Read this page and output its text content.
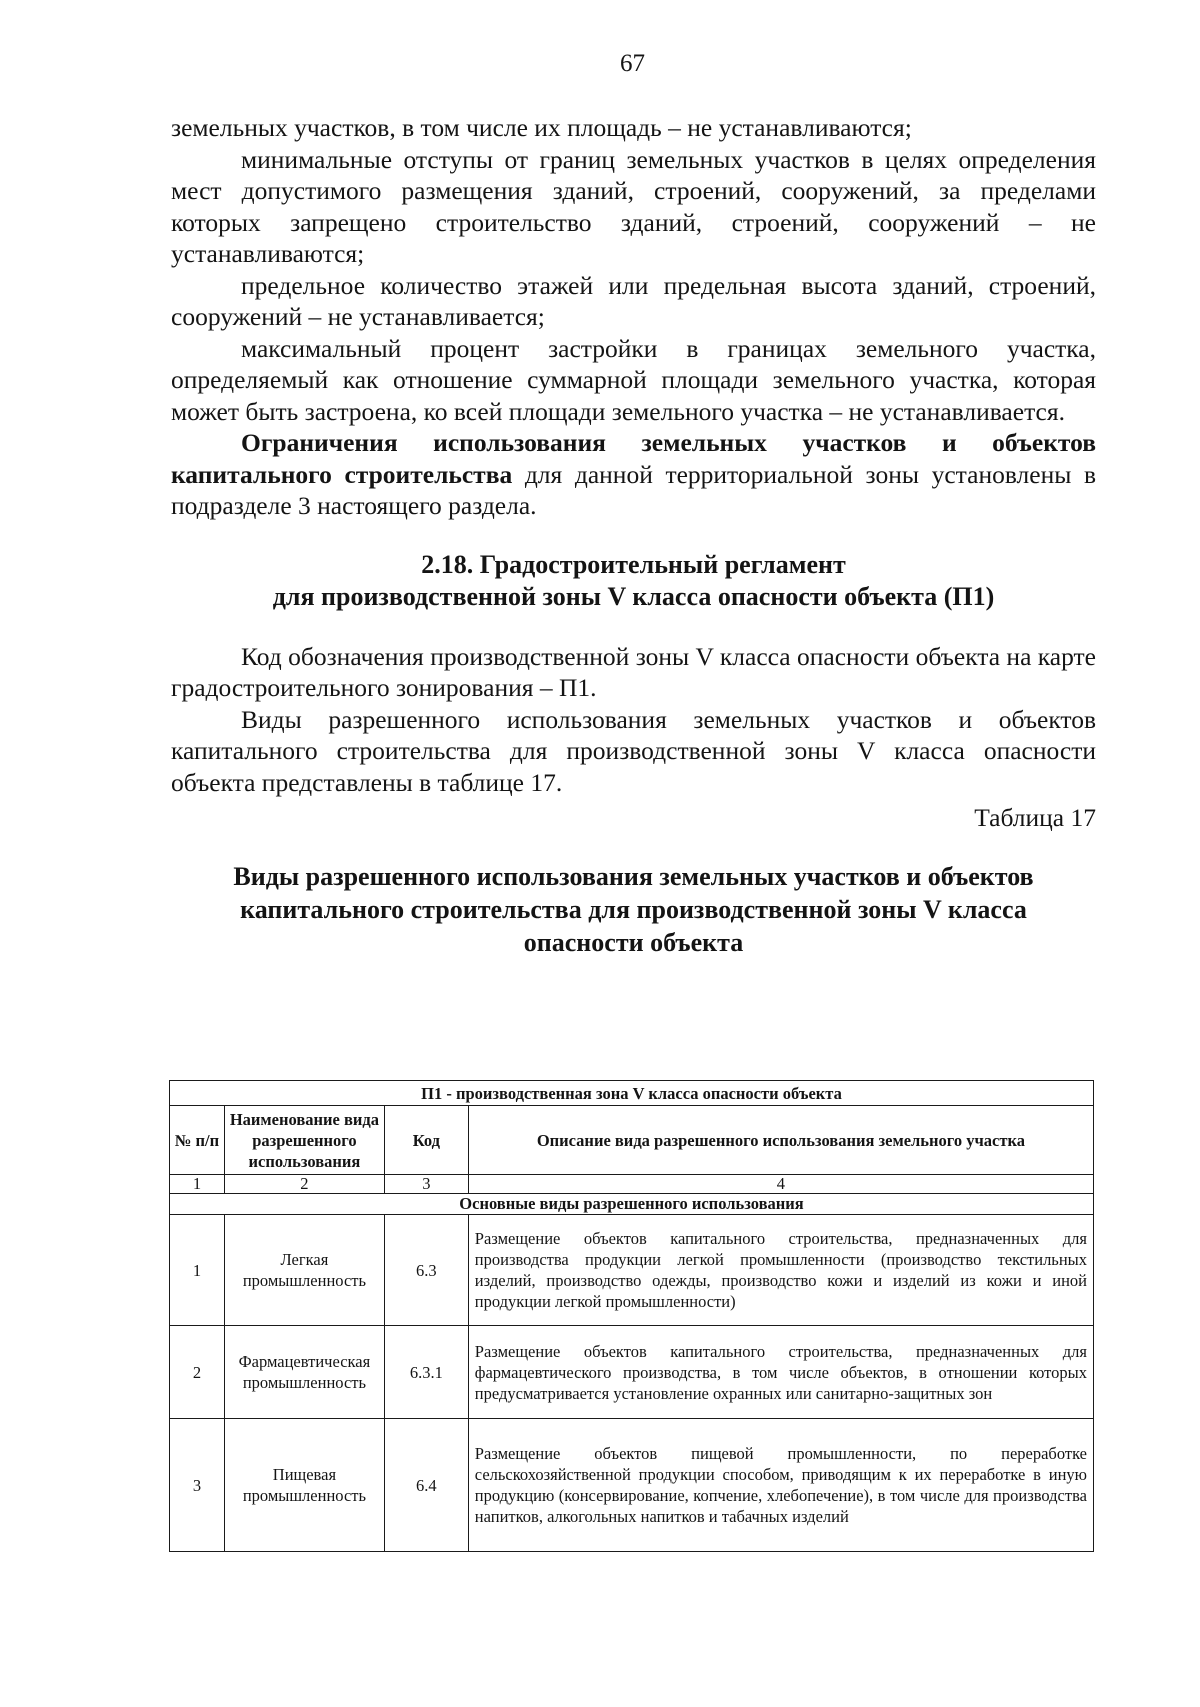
67

земельных участков, в том числе их площадь – не устанавливаются;

минимальные отступы от границ земельных участков в целях определения мест допустимого размещения зданий, строений, сооружений, за пределами которых запрещено строительство зданий, строений, сооружений – не устанавливаются;

предельное количество этажей или предельная высота зданий, строений, сооружений – не устанавливается;

максимальный процент застройки в границах земельного участка, определяемый как отношение суммарной площади земельного участка, которая может быть застроена, ко всей площади земельного участка – не устанавливается.

Ограничения использования земельных участков и объектов капитального строительства для данной территориальной зоны установлены в подразделе 3 настоящего раздела.

2.18. Градостроительный регламент
для производственной зоны V класса опасности объекта (П1)

Код обозначения производственной зоны V класса опасности объекта на карте градостроительного зонирования – П1.

Виды разрешенного использования земельных участков и объектов капитального строительства для производственной зоны V класса опасности объекта представлены в таблице 17.

Таблица 17
Виды разрешенного использования земельных участков и объектов капитального строительства для производственной зоны V класса опасности объекта
П1 - производственная зона V класса опасности объекта			
№ п/п	Наименование вида разрешенного использования	Код	Описание вида разрешенного использования земельного участка
1	2	3	4
Основные виды разрешенного использования			
1	Легкая промышленность	6.3	Размещение объектов капитального строительства, предназначенных для производства продукции легкой промышленности (производство текстильных изделий, производство одежды, производство кожи и изделий из кожи и иной продукции легкой промышленности)
2	Фармацевтическая промышленность	6.3.1	Размещение объектов капитального строительства, предназначенных для фармацевтического производства, в том числе объектов, в отношении которых предусматривается установление охранных или санитарно-защитных зон
3	Пищевая промышленность	6.4	Размещение объектов пищевой промышленности, по переработке сельскохозяйственной продукции способом, приводящим к их переработке в иную продукцию (консервирование, копчение, хлебопечение), в том числе для производства напитков, алкогольных напитков и табачных изделий
